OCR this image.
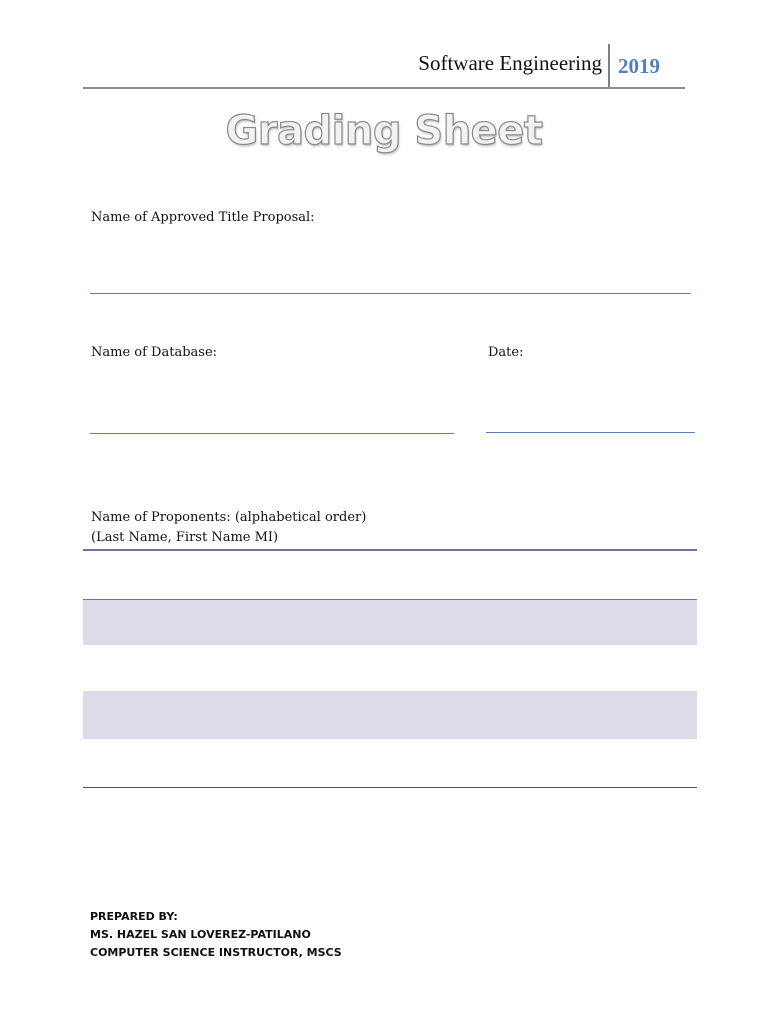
Software Engineering 2019
Grading Sheet
Name of Approved Title Proposal:
Name of Database:	Date:
Name of Proponents: (alphabetical order)
(Last Name, First Name MI)
PREPARED BY:
MS. HAZEL SAN LOVEREZ-PATILANO
COMPUTER SCIENCE INSTRUCTOR, MSCS
